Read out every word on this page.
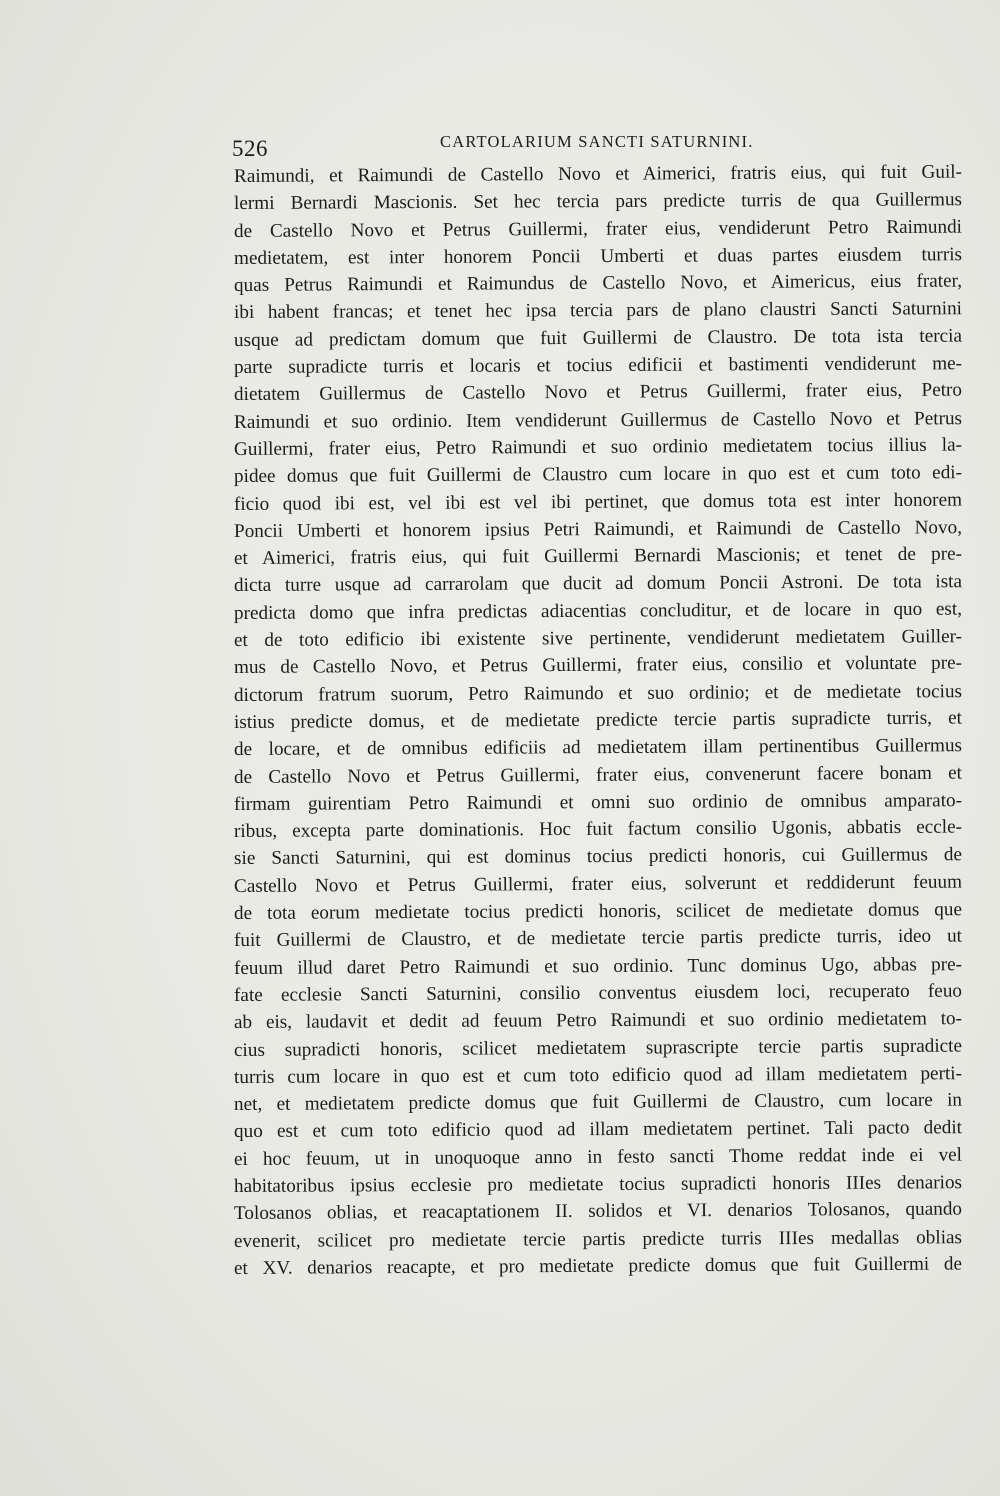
526	CARTOLARIUM SANCTI SATURNINI.
Raimundi, et Raimundi de Castello Novo et Aimerici, fratris eius, qui fuit Guil-
lermi Bernardi Mascionis. Set hec tercia pars predicte turris de qua Guillermus
de Castello Novo et Petrus Guillermi, frater eius, vendiderunt Petro Raimundi
medietatem, est inter honorem Poncii Umberti et duas partes eiusdem turris
quas Petrus Raimundi et Raimundus de Castello Novo, et Aimericus, eius frater,
ibi habent francas; et tenet hec ipsa tercia pars de plano claustri Sancti Saturnini
usque ad predictam domum que fuit Guillermi de Claustro. De tota ista tercia
parte supradicte turris et locaris et tocius edificii et bastimenti vendiderunt me-
dietatem Guillermus de Castello Novo et Petrus Guillermi, frater eius, Petro
Raimundi et suo ordinio. Item vendiderunt Guillermus de Castello Novo et Petrus
Guillermi, frater eius, Petro Raimundi et suo ordinio medietatem tocius illius la-
pidee domus que fuit Guillermi de Claustro cum locare in quo est et cum toto edi-
ficio quod ibi est, vel ibi est vel ibi pertinet, que domus tota est inter honorem
Poncii Umberti et honorem ipsius Petri Raimundi, et Raimundi de Castello Novo,
et Aimerici, fratris eius, qui fuit Guillermi Bernardi Mascionis; et tenet de pre-
dicta turre usque ad carrarolam que ducit ad domum Poncii Astroni. De tota ista
predicta domo que infra predictas adiacentias concluditur, et de locare in quo est,
et de toto edificio ibi existente sive pertinente, vendiderunt medietatem Guiller-
mus de Castello Novo, et Petrus Guillermi, frater eius, consilio et voluntate pre-
dictorum fratrum suorum, Petro Raimundo et suo ordinio; et de medietate tocius
istius predicte domus, et de medietate predicte tercie partis supradicte turris, et
de locare, et de omnibus edificiis ad medietatem illam pertinentibus Guillermus
de Castello Novo et Petrus Guillermi, frater eius, convenerunt facere bonam et
firmam guirentiam Petro Raimundi et omni suo ordinio de omnibus amparato-
ribus, excepta parte dominationis. Hoc fuit factum consilio Ugonis, abbatis eccle-
sie Sancti Saturnini, qui est dominus tocius predicti honoris, cui Guillermus de
Castello Novo et Petrus Guillermi, frater eius, solverunt et reddiderunt feuum
de tota eorum medietate tocius predicti honoris, scilicet de medietate domus que
fuit Guillermi de Claustro, et de medietate tercie partis predicte turris, ideo ut
feuum illud daret Petro Raimundi et suo ordinio. Tunc dominus Ugo, abbas pre-
fate ecclesie Sancti Saturnini, consilio conventus eiusdem loci, recuperato feuo
ab eis, laudavit et dedit ad feuum Petro Raimundi et suo ordinio medietatem to-
cius supradicti honoris, scilicet medietatem suprascripte tercie partis supradicte
turris cum locare in quo est et cum toto edificio quod ad illam medietatem perti-
net, et medietatem predicte domus que fuit Guillermi de Claustro, cum locare in
quo est et cum toto edificio quod ad illam medietatem pertinet. Tali pacto dedit
ei hoc feuum, ut in unoquoque anno in festo sancti Thome reddat inde ei vel
habitatoribus ipsius ecclesie pro medietate tocius supradicti honoris IIIes denarios
Tolosanos oblias, et reacaptationem II. solidos et VI. denarios Tolosanos, quando
evenerit, scilicet pro medietate tercie partis predicte turris IIIes medallas oblias
et XV. denarios reacapte, et pro medietate predicte domus que fuit Guillermi de
